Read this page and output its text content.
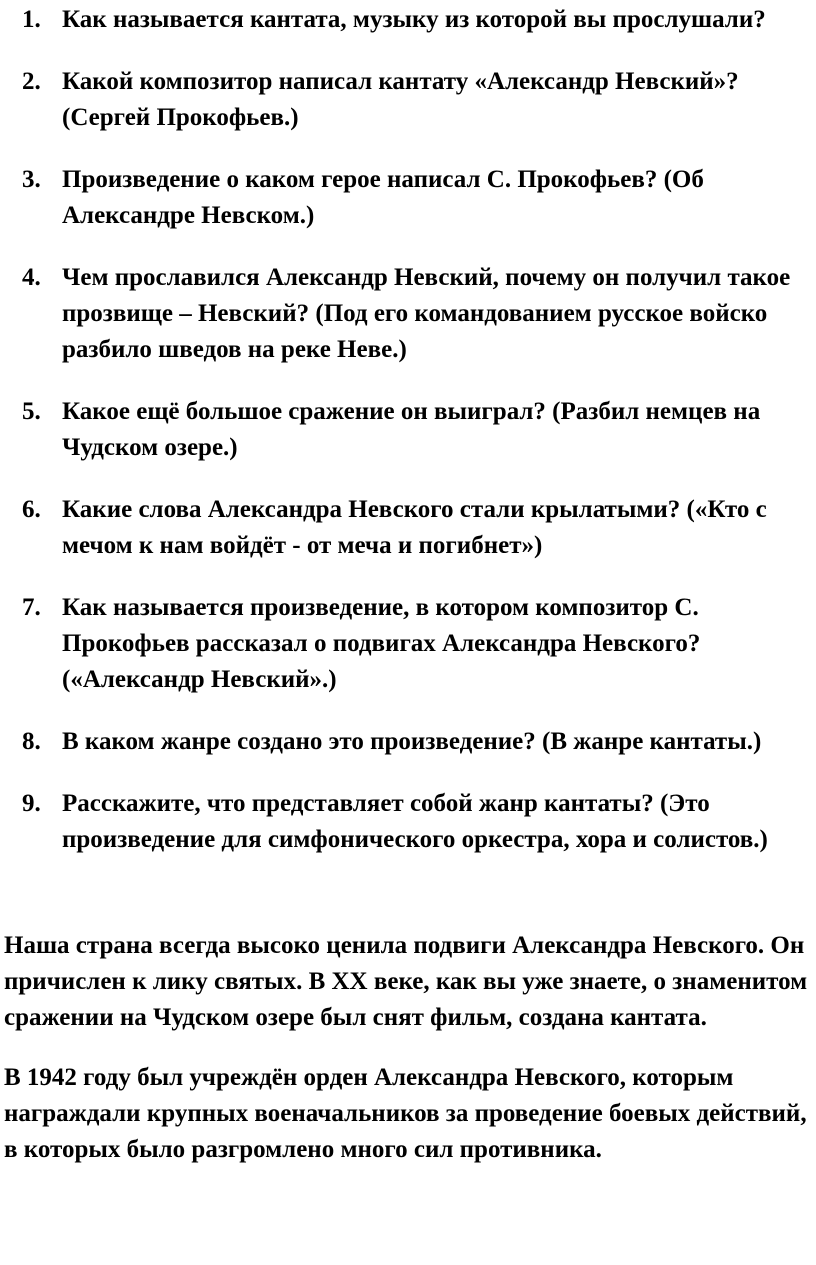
1. Как называется кантата, музыку из которой вы прослушали?
2. Какой композитор написал кантату «Александр Невский»? (Сергей Прокофьев.)
3. Произведение о каком герое написал С. Прокофьев? (Об Александре Невском.)
4. Чем прославился Александр Невский, почему он получил такое прозвище – Невский? (Под его командованием русское войско разбило шведов на реке Неве.)
5. Какое ещё большое сражение он выиграл? (Разбил немцев на Чудском озере.)
6. Какие слова Александра Невского стали крылатыми? («Кто с мечом к нам войдёт - от меча и погибнет»)
7. Как называется произведение, в котором композитор С. Прокофьев рассказал о подвигах Александра Невского? («Александр Невский».)
8. В каком жанре создано это произведение? (В жанре кантаты.)
9. Расскажите, что представляет собой жанр кантаты? (Это произведение для симфонического оркестра, хора и солистов.)

Наша страна всегда высоко ценила подвиги Александра Невского. Он причислен к лику святых. В XX веке, как вы уже знаете, о знаменитом сражении на Чудском озере был снят фильм, создана кантата.

В 1942 году был учреждён орден Александра Невского, которым награждали крупных военачальников за проведение боевых действий, в которых было разгромлено много сил противника.
